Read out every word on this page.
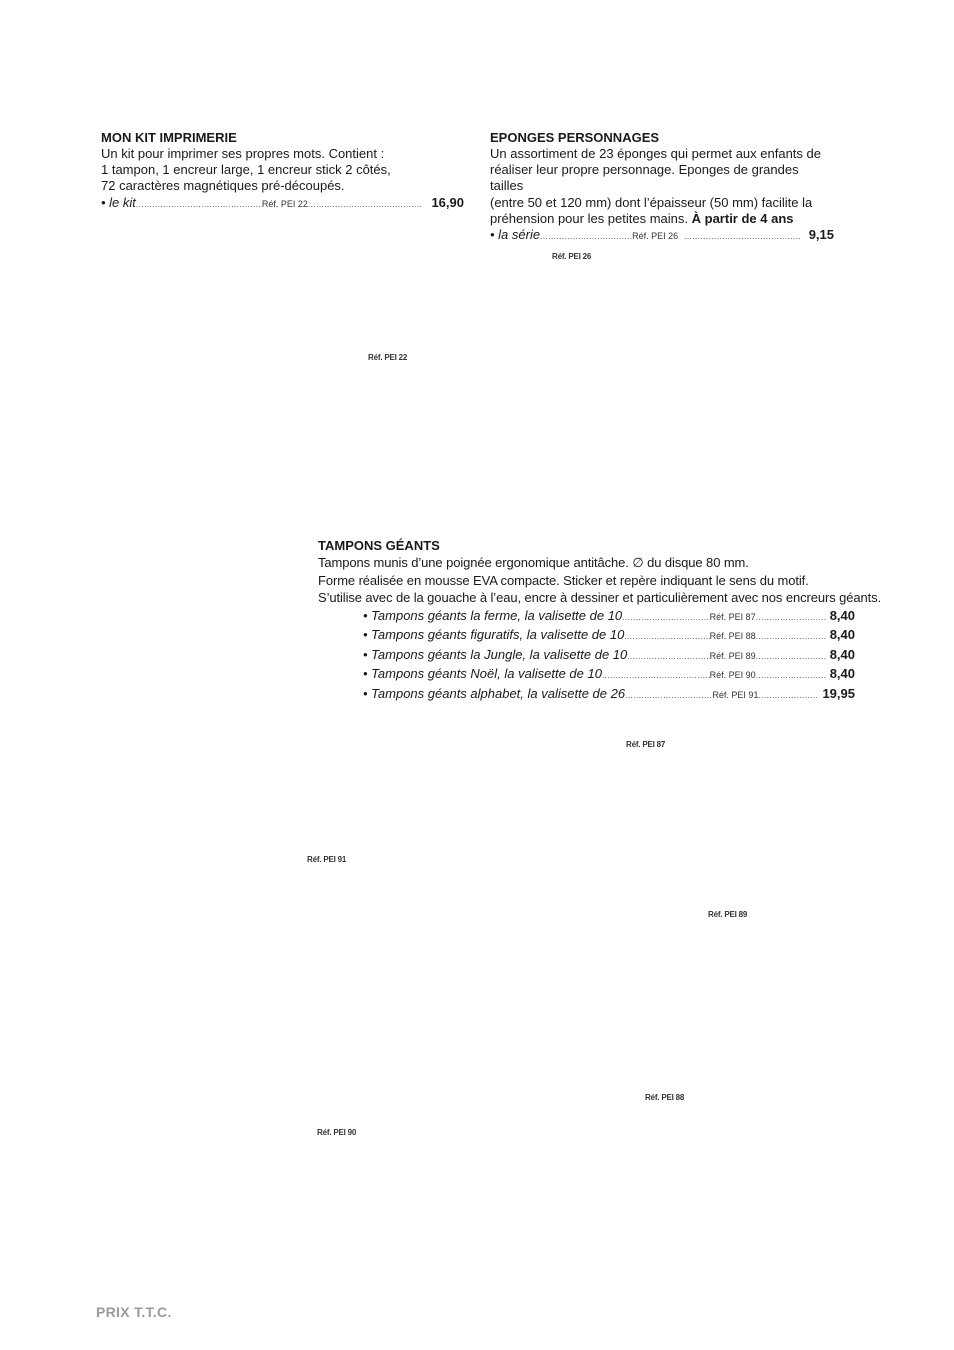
MON KIT IMPRIMERIE
Un kit pour imprimer ses propres mots. Contient :
1 tampon, 1 encreur large, 1 encreur stick 2 côtés,
72 caractères magnétiques pré-découpés.
• le kit .....	Réf. PEI 22 .....	16,90
EPONGES PERSONNAGES
Un assortiment de 23 éponges qui permet aux enfants de
réaliser leur propre personnage. Eponges de grandes tailles
(entre 50 et 120 mm) dont l’épaisseur (50 mm) facilite la
préhension pour les petites mains. À partir de 4 ans
• la série .....	Réf. PEI 26 .....	9,15
TAMPONS GÉANTS
Tampons munis d’une poignée ergonomique antitâche. ∅ du disque 80 mm.
Forme réalisée en mousse EVA compacte. Sticker et repère indiquant le sens du motif.
S’utilise avec de la gouache à l’eau, encre à dessiner et particulièrement avec nos encreurs géants.
• Tampons géants la ferme, la valisette de 10 .....	Réf. PEI 87 .....	8,40
• Tampons géants figuratifs, la valisette de 10 .....	Réf. PEI 88 .....	8,40
• Tampons géants la Jungle, la valisette de 10 .....	Réf. PEI 89 .....	8,40
• Tampons géants Noël, la valisette de 10 .....	Réf. PEI 90 .....	8,40
• Tampons géants alphabet, la valisette de 26 .....	Réf. PEI 91 .....	19,95
Réf. PEI 26
Réf. PEI 22
Réf. PEI 87
Réf. PEI 91
Réf. PEI 89
Réf. PEI 88
Réf. PEI 90
PRIX T.T.C.
